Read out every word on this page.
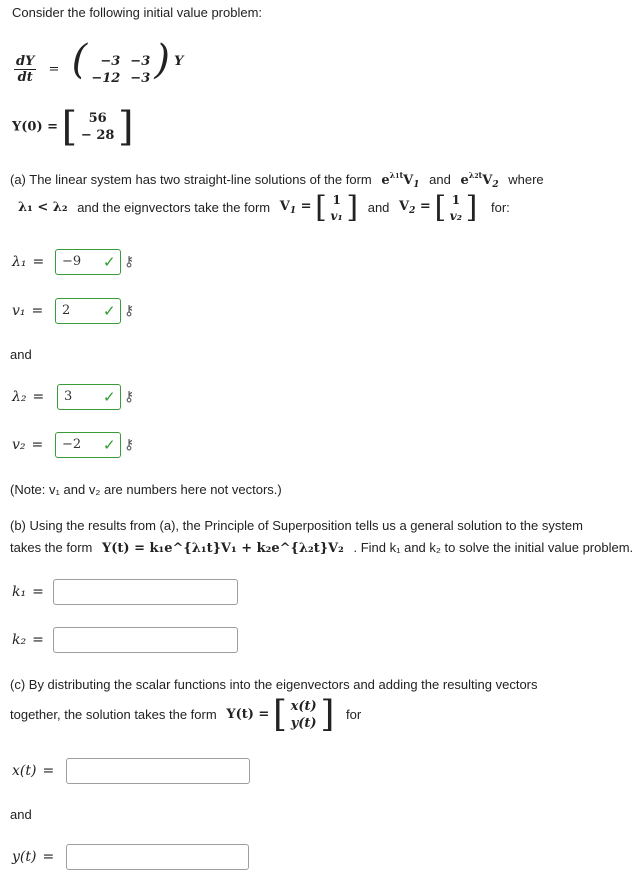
Consider the following initial value problem:
$\frac{dY}{dt}$ = (	−3 −3
−12 −3 ) Y
Y(0) = [ 56
− 28 ]
(a) The linear system has two straight-line solutions of the form $e^{\lambda 1t}V_1$ and $e^{\lambda 2t}V_2$ where
λ₁ < λ₂ and the eignvectors take the form $V_1$ = [ 1
v₁ ] and $V_2$ = [ 1
v₂ ] for:
λ₁ =	−9	✓ ⚷
v₁ =	2	✓ ⚷
and
λ₂ =	3	✓ ⚷
v₂ =	−2	✓ ⚷
(Note: v₁ and v₂ are numbers here not vectors.)
(b) Using the results from (a), the Principle of Superposition tells us a general solution to the system
takes the form Y(t) = k₁e^{λ₁t}V₁ + k₂e^{λ₂t}V₂ . Find k₁ and k₂ to solve the initial value problem.
k₁ =
k₂ =
(c) By distributing the scalar functions into the eigenvectors and adding the resulting vectors
together, the solution takes the form Y(t) = [ x(t)
y(t) ] for
x(t) =
and
y(t) =
